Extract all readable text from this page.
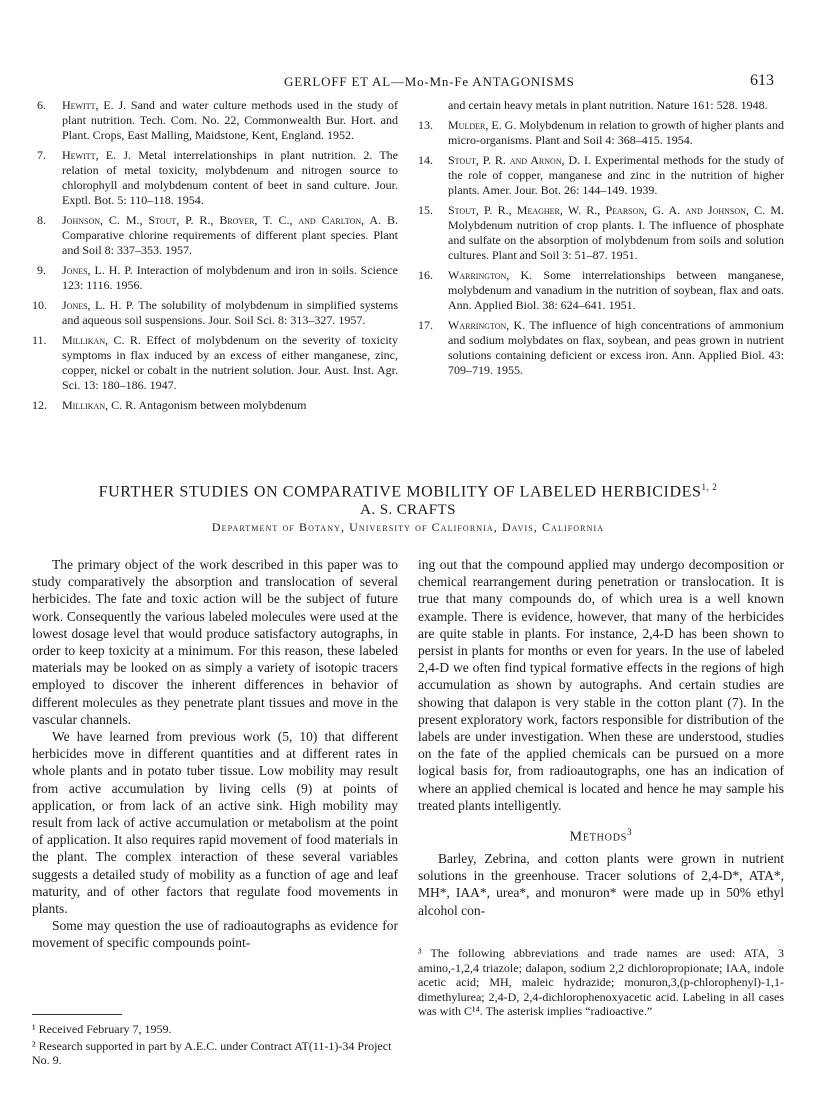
GERLOFF ET AL—Mo-Mn-Fe ANTAGONISMS	613
6. Hewitt, E. J. Sand and water culture methods used in the study of plant nutrition. Tech. Com. No. 22, Commonwealth Bur. Hort. and Plant. Crops, East Malling, Maidstone, Kent, England. 1952.
7. Hewitt, E. J. Metal interrelationships in plant nutrition. 2. The relation of metal toxicity, molybdenum and nitrogen source to chlorophyll and molybdenum content of beet in sand culture. Jour. Exptl. Bot. 5: 110–118. 1954.
8. Johnson, C. M., Stout, P. R., Broyer, T. C., and Carlton, A. B. Comparative chlorine requirements of different plant species. Plant and Soil 8: 337–353. 1957.
9. Jones, L. H. P. Interaction of molybdenum and iron in soils. Science 123: 1116. 1956.
10. Jones, L. H. P. The solubility of molybdenum in simplified systems and aqueous soil suspensions. Jour. Soil Sci. 8: 313–327. 1957.
11. Millikan, C. R. Effect of molybdenum on the severity of toxicity symptoms in flax induced by an excess of either manganese, zinc, copper, nickel or cobalt in the nutrient solution. Jour. Aust. Inst. Agr. Sci. 13: 180–186. 1947.
12. Millikan, C. R. Antagonism between molybdenum
and certain heavy metals in plant nutrition. Nature 161: 528. 1948.
13. Mulder, E. G. Molybdenum in relation to growth of higher plants and micro-organisms. Plant and Soil 4: 368–415. 1954.
14. Stout, P. R. and Arnon, D. I. Experimental methods for the study of the role of copper, manganese and zinc in the nutrition of higher plants. Amer. Jour. Bot. 26: 144–149. 1939.
15. Stout, P. R., Meagher, W. R., Pearson, G. A. and Johnson, C. M. Molybdenum nutrition of crop plants. I. The influence of phosphate and sulfate on the absorption of molybdenum from soils and solution cultures. Plant and Soil 3: 51–87. 1951.
16. Warrington, K. Some interrelationships between manganese, molybdenum and vanadium in the nutrition of soybean, flax and oats. Ann. Applied Biol. 38: 624–641. 1951.
17. Warrington, K. The influence of high concentrations of ammonium and sodium molybdates on flax, soybean, and peas grown in nutrient solutions containing deficient or excess iron. Ann. Applied Biol. 43: 709–719. 1955.
FURTHER STUDIES ON COMPARATIVE MOBILITY OF LABELED HERBICIDES$^{1, 2}$
A. S. CRAFTS
Department of Botany, University of California, Davis, California

The primary object of the work described in this paper was to study comparatively the absorption and translocation of several herbicides. The fate and toxic action will be the subject of future work. Consequently the various labeled molecules were used at the lowest dosage level that would produce satisfactory autographs, in order to keep toxicity at a minimum. For this reason, these labeled materials may be looked on as simply a variety of isotopic tracers employed to discover the inherent differences in behavior of different molecules as they penetrate plant tissues and move in the vascular channels.

We have learned from previous work (5, 10) that different herbicides move in different quantities and at different rates in whole plants and in potato tuber tissue. Low mobility may result from active accumulation by living cells (9) at points of application, or from lack of an active sink. High mobility may result from lack of active accumulation or metabolism at the point of application. It also requires rapid movement of food materials in the plant. The complex interaction of these several variables suggests a detailed study of mobility as a function of age and leaf maturity, and of other factors that regulate food movements in plants.

Some may question the use of radioautographs as evidence for movement of specific compounds point-

ing out that the compound applied may undergo decomposition or chemical rearrangement during penetration or translocation. It is true that many compounds do, of which urea is a well known example. There is evidence, however, that many of the herbicides are quite stable in plants. For instance, 2,4-D has been shown to persist in plants for months or even for years. In the use of labeled 2,4-D we often find typical formative effects in the regions of high accumulation as shown by autographs. And certain studies are showing that dalapon is very stable in the cotton plant (7). In the present exploratory work, factors responsible for distribution of the labels are under investigation. When these are understood, studies on the fate of the applied chemicals can be pursued on a more logical basis for, from radioautographs, one has an indication of where an applied chemical is located and hence he may sample his treated plants intelligently.

Methods$^3$

Barley, Zebrina, and cotton plants were grown in nutrient solutions in the greenhouse. Tracer solutions of 2,4-D*, ATA*, MH*, IAA*, urea*, and monuron* were made up in 50% ethyl alcohol con-

³ The following abbreviations and trade names are used: ATA, 3 amino,-1,2,4 triazole; dalapon, sodium 2,2 dichloropropionate; IAA, indole acetic acid; MH, maleic hydrazide; monuron,3,(p-chlorophenyl)-1,1-dimethylurea; 2,4-D, 2,4-dichlorophenoxyacetic acid. Labeling in all cases was with C¹⁴. The asterisk implies “radioactive.”
¹ Received February 7, 1959.
² Research supported in part by A.E.C. under Contract AT(11-1)-34 Project No. 9.
